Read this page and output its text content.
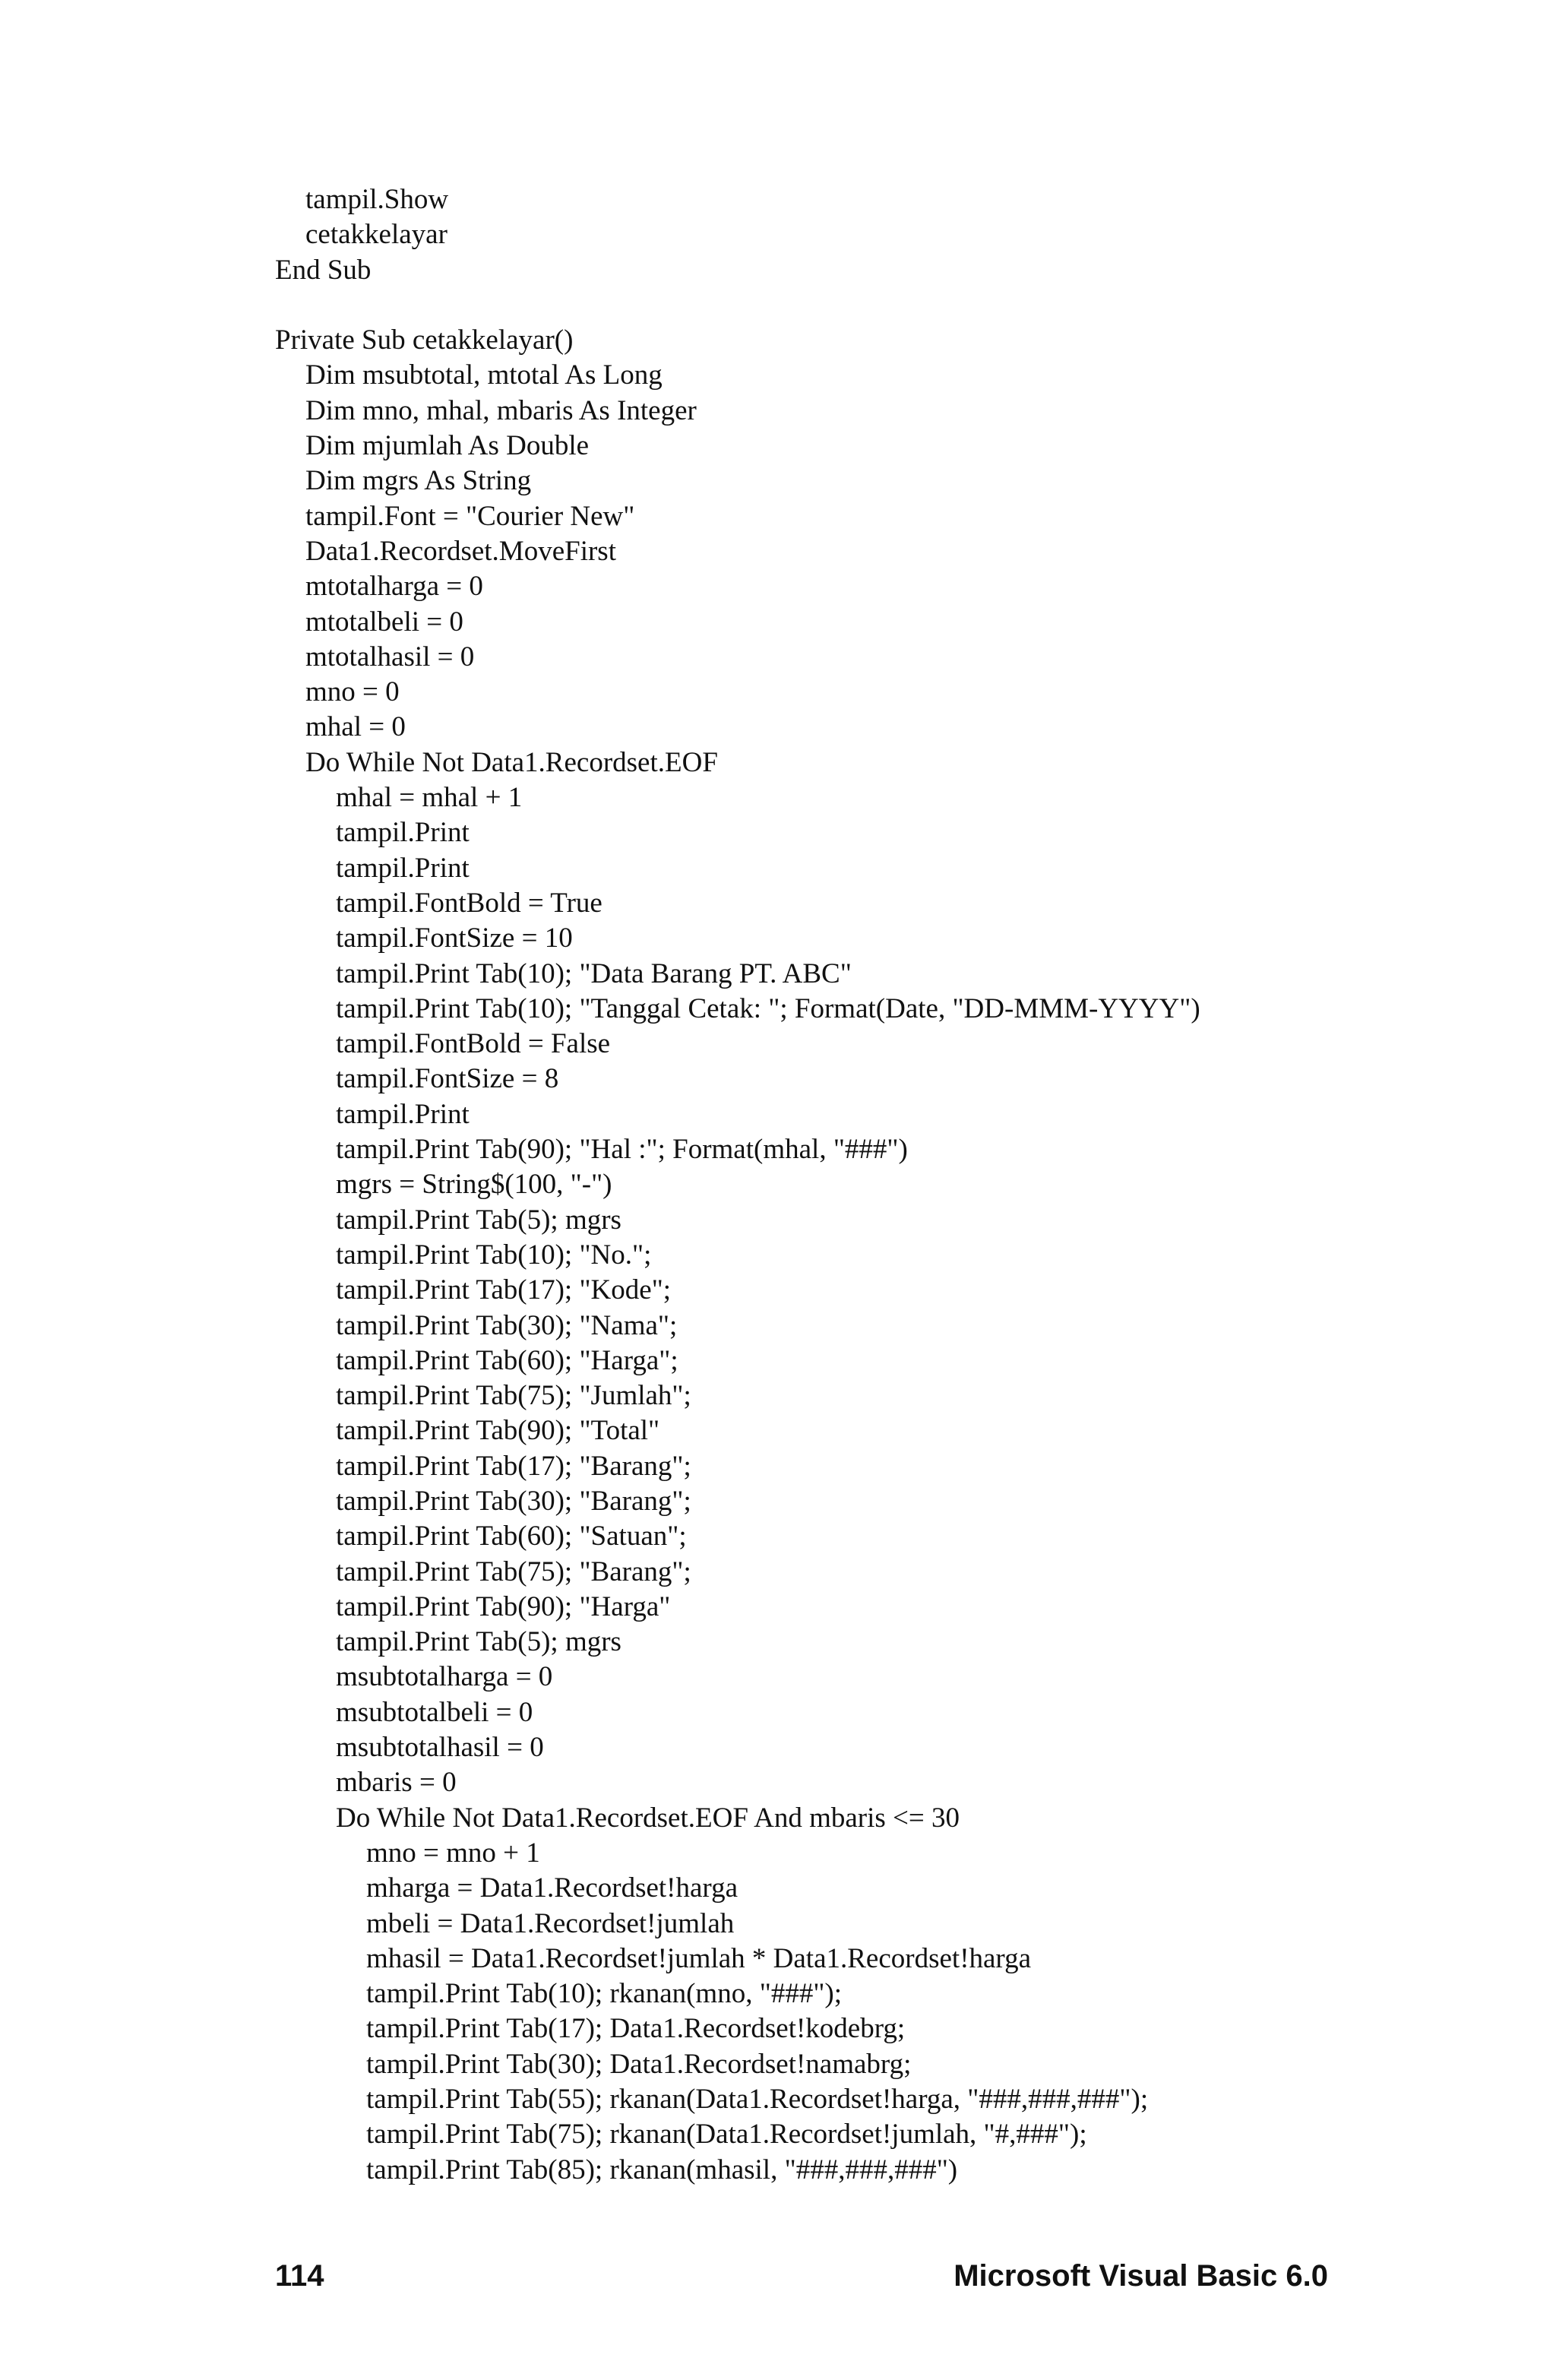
tampil.Show
cetakkelayar
End Sub
Private Sub cetakkelayar()
Dim msubtotal, mtotal As Long
Dim mno, mhal, mbaris As Integer
Dim mjumlah As Double
Dim mgrs As String
tampil.Font = "Courier New"
Data1.Recordset.MoveFirst
mtotalharga = 0
mtotalbeli = 0
mtotalhasil = 0
mno = 0
mhal = 0
Do While Not Data1.Recordset.EOF
mhal = mhal + 1
tampil.Print
tampil.Print
tampil.FontBold = True
tampil.FontSize = 10
tampil.Print Tab(10); "Data Barang PT. ABC"
tampil.Print Tab(10); "Tanggal Cetak: "; Format(Date, "DD-MMM-YYYY")
tampil.FontBold = False
tampil.FontSize = 8
tampil.Print
tampil.Print Tab(90); "Hal :"; Format(mhal, "###")
mgrs = String$(100, "-")
tampil.Print Tab(5); mgrs
tampil.Print Tab(10); "No.";
tampil.Print Tab(17); "Kode";
tampil.Print Tab(30); "Nama";
tampil.Print Tab(60); "Harga";
tampil.Print Tab(75); "Jumlah";
tampil.Print Tab(90); "Total"
tampil.Print Tab(17); "Barang";
tampil.Print Tab(30); "Barang";
tampil.Print Tab(60); "Satuan";
tampil.Print Tab(75); "Barang";
tampil.Print Tab(90); "Harga"
tampil.Print Tab(5); mgrs
msubtotalharga = 0
msubtotalbeli = 0
msubtotalhasil = 0
mbaris = 0
Do While Not Data1.Recordset.EOF And mbaris <= 30
mno = mno + 1
mharga = Data1.Recordset!harga
mbeli = Data1.Recordset!jumlah
mhasil = Data1.Recordset!jumlah * Data1.Recordset!harga
tampil.Print Tab(10); rkanan(mno, "###");
tampil.Print Tab(17); Data1.Recordset!kodebrg;
tampil.Print Tab(30); Data1.Recordset!namabrg;
tampil.Print Tab(55); rkanan(Data1.Recordset!harga, "###,###,###");
tampil.Print Tab(75); rkanan(Data1.Recordset!jumlah, "#,###");
tampil.Print Tab(85); rkanan(mhasil, "###,###,###")
114	Microsoft Visual Basic 6.0
